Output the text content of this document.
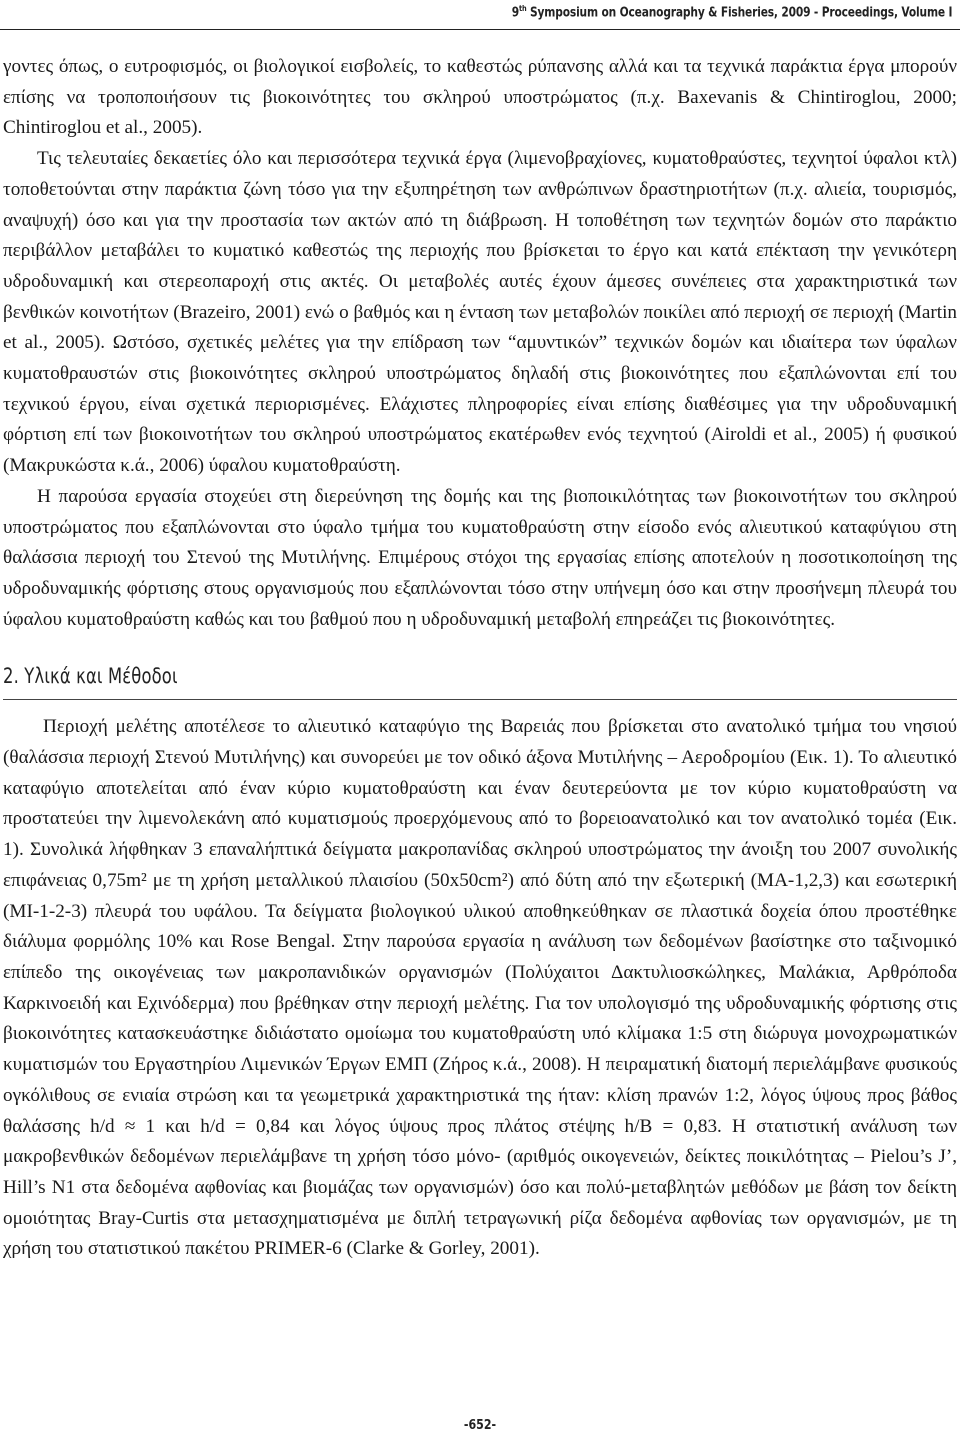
9th Symposium on Oceanography & Fisheries, 2009 - Proceedings, Volume I

γοντες όπως, ο ευτροφισμός, οι βιολογικοί εισβολείς, το καθεστώς ρύπανσης αλλά και τα τεχνικά παράκτια έργα μπορούν επίσης να τροποποιήσουν τις βιοκοινότητες του σκληρού υποστρώματος (π.χ. Baxevanis & Chintiroglou, 2000; Chintiroglou et al., 2005).

Τις τελευταίες δεκαετίες όλο και περισσότερα τεχνικά έργα (λιμενοβραχίονες, κυματοθραύστες, τεχνητοί ύφαλοι κτλ) τοποθετούνται στην παράκτια ζώνη τόσο για την εξυπηρέτηση των ανθρώπινων δραστηριοτήτων (π.χ. αλιεία, τουρισμός, αναψυχή) όσο και για την προστασία των ακτών από τη διάβρωση. Η τοποθέτηση των τεχνητών δομών στο παράκτιο περιβάλλον μεταβάλει το κυματικό καθεστώς της περιοχής που βρίσκεται το έργο και κατά επέκταση την γενικότερη υδροδυναμική και στερεοπαροχή στις ακτές. Οι μεταβολές αυτές έχουν άμεσες συνέπειες στα χαρακτηριστικά των βενθικών κοινοτήτων (Brazeiro, 2001) ενώ ο βαθμός και η ένταση των μεταβολών ποικίλει από περιοχή σε περιοχή (Martin et al., 2005). Ωστόσο, σχετικές μελέτες για την επίδραση των “αμυντικών” τεχνικών δομών και ιδιαίτερα των ύφαλων κυματοθραυστών στις βιοκοινότητες σκληρού υποστρώματος δηλαδή στις βιοκοινότητες που εξαπλώνονται επί του τεχνικού έργου, είναι σχετικά περιορισμένες. Ελάχιστες πληροφορίες είναι επίσης διαθέσιμες για την υδροδυναμική φόρτιση επί των βιοκοινοτήτων του σκληρού υποστρώματος εκατέρωθεν ενός τεχνητού (Airoldi et al., 2005) ή φυσικού (Μακρυκώστα κ.ά., 2006) ύφαλου κυματοθραύστη.

Η παρούσα εργασία στοχεύει στη διερεύνηση της δομής και της βιοποικιλότητας των βιοκοινοτήτων του σκληρού υποστρώματος που εξαπλώνονται στο ύφαλο τμήμα του κυματοθραύστη στην είσοδο ενός αλιευτικού καταφύγιου στη θαλάσσια περιοχή του Στενού της Μυτιλήνης. Επιμέρους στόχοι της εργασίας επίσης αποτελούν η ποσοτικοποίηση της υδροδυναμικής φόρτισης στους οργανισμούς που εξαπλώνονται τόσο στην υπήνεμη όσο και στην προσήνεμη πλευρά του ύφαλου κυματοθραύστη καθώς και του βαθμού που η υδροδυναμική μεταβολή επηρεάζει τις βιοκοινότητες.

2. Υλικά και Μέθοδοι

Περιοχή μελέτης αποτέλεσε το αλιευτικό καταφύγιο της Βαρειάς που βρίσκεται στο ανατολικό τμήμα του νησιού (θαλάσσια περιοχή Στενού Μυτιλήνης) και συνορεύει με τον οδικό άξονα Μυτιλήνης – Αεροδρομίου (Εικ. 1). Το αλιευτικό καταφύγιο αποτελείται από έναν κύριο κυματοθραύστη και έναν δευτερεύοντα με τον κύριο κυματοθραύστη να προστατεύει την λιμενολεκάνη από κυματισμούς προερχόμενους από το βορειοανατολικό και τον ανατολικό τομέα (Εικ. 1). Συνολικά λήφθηκαν 3 επαναλήπτικά δείγματα μακροπανίδας σκληρού υποστρώματος την άνοιξη του 2007 συνολικής επιφάνειας 0,75m² με τη χρήση μεταλλικού πλαισίου (50x50cm²) από δύτη από την εξωτερική (ΜΑ-1,2,3) και εσωτερική (ΜΙ-1-2-3) πλευρά του υφάλου. Τα δείγματα βιολογικού υλικού αποθηκεύθηκαν σε πλαστικά δοχεία όπου προστέθηκε διάλυμα φορμόλης 10% και Rose Bengal. Στην παρούσα εργασία η ανάλυση των δεδομένων βασίστηκε στο ταξινομικό επίπεδο της οικογένειας των μακροπανιδικών οργανισμών (Πολύχαιτοι Δακτυλιοσκώληκες, Μαλάκια, Αρθρόποδα Καρκινοειδή και Εχινόδερμα) που βρέθηκαν στην περιοχή μελέτης. Για τον υπολογισμό της υδροδυναμικής φόρτισης στις βιοκοινότητες κατασκευάστηκε διδιάστατο ομοίωμα του κυματοθραύστη υπό κλίμακα 1:5 στη διώρυγα μονοχρωματικών κυματισμών του Εργαστηρίου Λιμενικών Έργων ΕΜΠ (Ζήρος κ.ά., 2008). Η πειραματική διατομή περιελάμβανε φυσικούς ογκόλιθους σε ενιαία στρώση και τα γεωμετρικά χαρακτηριστικά της ήταν: κλίση πρανών 1:2, λόγος ύψους προς βάθος θαλάσσης h/d ≈ 1 και h/d = 0,84 και λόγος ύψους προς πλάτος στέψης h/B = 0,83. Η στατιστική ανάλυση των μακροβενθικών δεδομένων περιελάμβανε τη χρήση τόσο μόνο- (αριθμός οικογενειών, δείκτες ποικιλότητας – Pielou’s J’, Hill’s N1 στα δεδομένα αφθονίας και βιομάζας των οργανισμών) όσο και πολύ-μεταβλητών μεθόδων με βάση τον δείκτη ομοιότητας Bray-Curtis στα μετασχηματισμένα με διπλή τετραγωνική ρίζα δεδομένα αφθονίας των οργανισμών, με τη χρήση του στατιστικού πακέτου PRIMER-6 (Clarke & Gorley, 2001).

-652-
